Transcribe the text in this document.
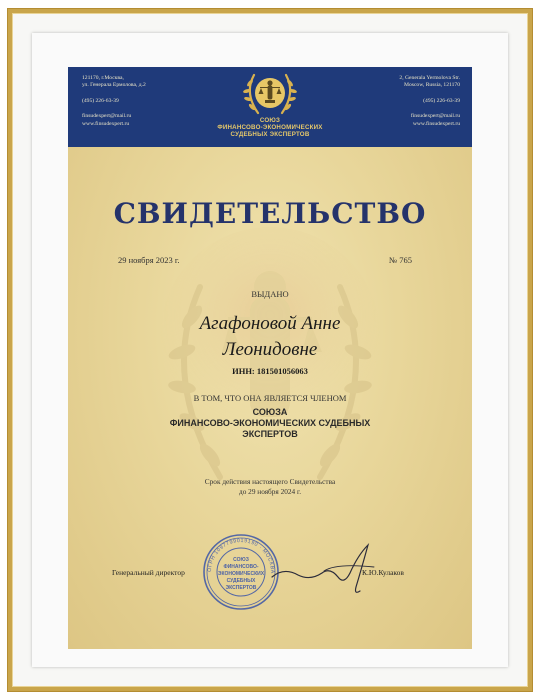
121170, г.Москва,
ул. Генерала Ермолова, д.2
(495) 226-63-39
finsudexpert@mail.ru
www.finsudexpert.ru	СОЮЗ
ФИНАНСОВО-ЭКОНОМИЧЕСКИХ
СУДЕБНЫХ ЭКСПЕРТОВ
2, Generala Yermolova Str.
Moscow, Russia, 121170
(495) 226-63-39
finsudexpert@mail.ru
www.finsudexpert.ru
СВИДЕТЕЛЬСТВО
29 ноября 2023 г.	№ 765
ВЫДАНО
Агафоновой Анне
Леонидовне
ИНН: 181501056063
В ТОМ, ЧТО ОНА ЯВЛЯЕТСЯ ЧЛЕНОМ
СОЮЗА
ФИНАНСОВО-ЭКОНОМИЧЕСКИХ СУДЕБНЫХ
ЭКСПЕРТОВ
Срок действия настоящего Свидетельства
до 29 ноября 2024 г.
Генеральный директор	ОГРН 1097799019190 · МОСКВА ·
СОЮЗ
ФИНАНСОВО-
ЭКОНОМИЧЕСКИХ
СУДЕБНЫХ
ЭКСПЕРТОВ
К.Ю.Кулаков
